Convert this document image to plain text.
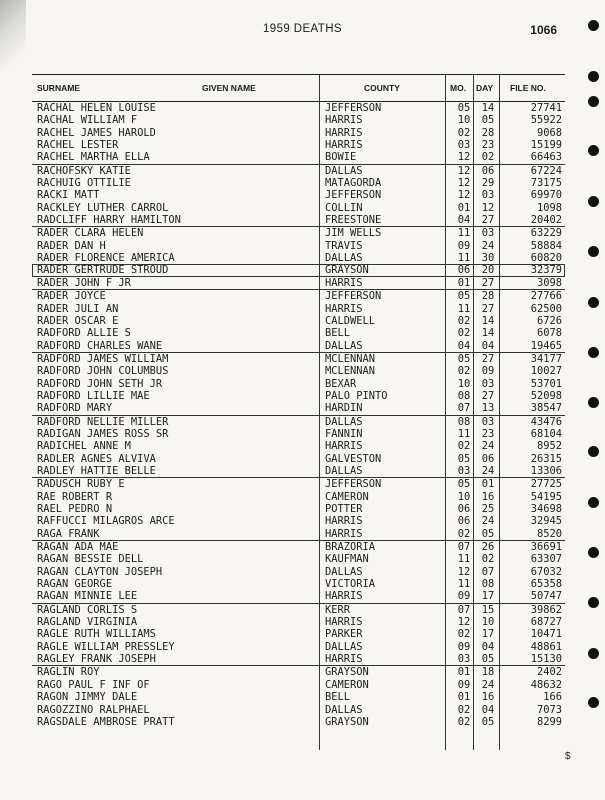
1959 DEATHS	1066
SURNAME	GIVEN NAME	COUNTY	MO. DAY FILE NO.
RACHAL HELEN LOUISE	JEFFERSON	05	14	27741
RACHAL WILLIAM F	HARRIS	10	05	55922
RACHEL JAMES HAROLD	HARRIS	02	28	9068
RACHEL LESTER	HARRIS	03	23	15199
RACHEL MARTHA ELLA	BOWIE	12	02	66463
RACHOFSKY KATIE	DALLAS	12	06	67224
RACHUIG OTTILIE	MATAGORDA	12	29	73175
RACKI MATT	JEFFERSON	12	03	69970
RACKLEY LUTHER CARROL	COLLIN	01	12	1098
RADCLIFF HARRY HAMILTON	FREESTONE	04	27	20402
RADER CLARA HELEN	JIM WELLS	11	03	63229
RADER DAN H	TRAVIS	09	24	58884
RADER FLORENCE AMERICA	DALLAS	11	30	60820
RADER GERTRUDE STROUD	GRAYSON	06	20	32379
RADER JOHN F JR	HARRIS	01	27	3098
RADER JOYCE	JEFFERSON	05	28	27766
RADER JULI AN	HARRIS	11	27	62500
RADER OSCAR E	CALDWELL	02	14	6726
RADFORD ALLIE S	BELL	02	14	6078
RADFORD CHARLES WANE	DALLAS	04	04	19465
RADFORD JAMES WILLIAM	MCLENNAN	05	27	34177
RADFORD JOHN COLUMBUS	MCLENNAN	02	09	10027
RADFORD JOHN SETH JR	BEXAR	10	03	53701
RADFORD LILLIE MAE	PALO PINTO	08	27	52098
RADFORD MARY	HARDIN	07	13	38547
RADFORD NELLIE MILLER	DALLAS	08	03	43476
RADIGAN JAMES ROSS SR	FANNIN	11	23	68104
RADICHEL ANNE M	HARRIS	02	24	8952
RADLER AGNES ALVIVA	GALVESTON	05	06	26315
RADLEY HATTIE BELLE	DALLAS	03	24	13306
RADUSCH RUBY E	JEFFERSON	05	01	27725
RAE ROBERT R	CAMERON	10	16	54195
RAEL PEDRO N	POTTER	06	25	34698
RAFFUCCI MILAGROS ARCE	HARRIS	06	24	32945
RAGA FRANK	HARRIS	02	05	8520
RAGAN ADA MAE	BRAZORIA	07	26	36691
RAGAN BESSIE DELL	KAUFMAN	11	02	63307
RAGAN CLAYTON JOSEPH	DALLAS	12	07	67032
RAGAN GEORGE	VICTORIA	11	08	65358
RAGAN MINNIE LEE	HARRIS	09	17	50747
RAGLAND CORLIS S	KERR	07	15	39862
RAGLAND VIRGINIA	HARRIS	12	10	68727
RAGLE RUTH WILLIAMS	PARKER	02	17	10471
RAGLE WILLIAM PRESSLEY	DALLAS	09	04	48861
RAGLEY FRANK JOSEPH	HARRIS	03	05	15130
RAGLIN ROY	GRAYSON	01	18	2402
RAGO PAUL F INF OF	CAMERON	09	24	48632
RAGON JIMMY DALE	BELL	01	16	166
RAGOZZINO RALPHAEL	DALLAS	02	04	7073
RAGSDALE AMBROSE PRATT	GRAYSON	02	05	8299
$
